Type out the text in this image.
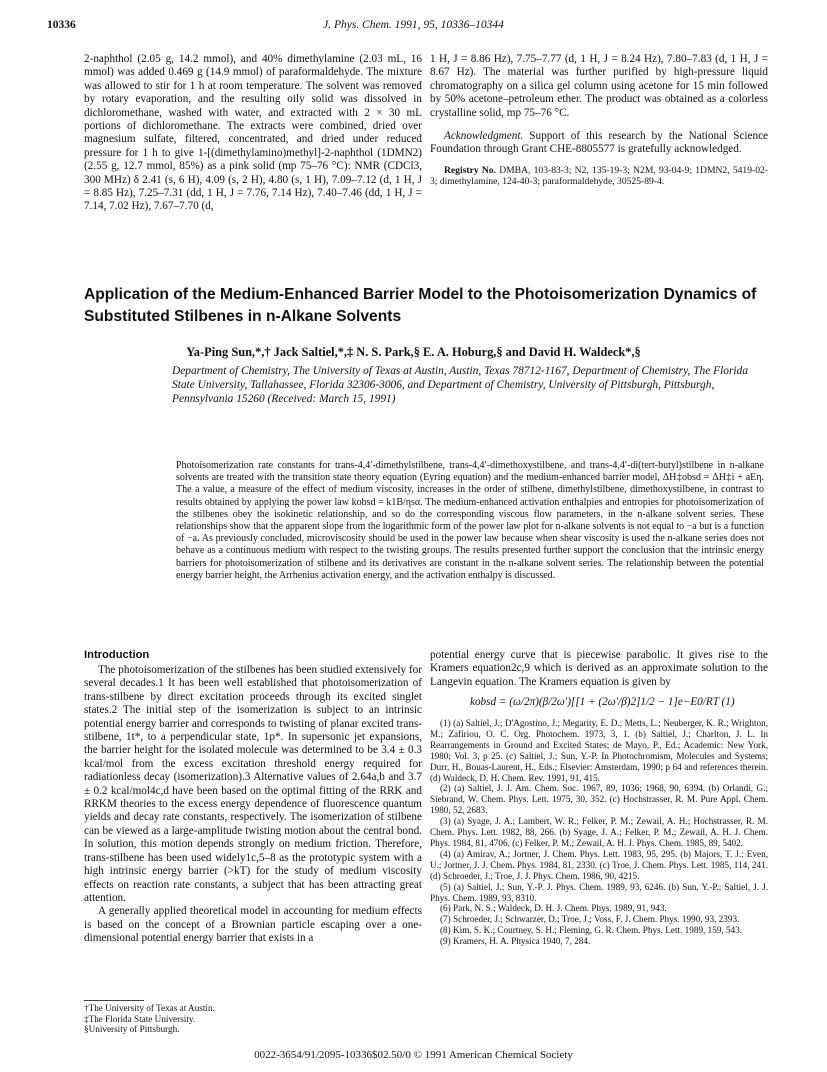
10336	J. Phys. Chem. 1991, 95, 10336–10344

2-naphthol (2.05 g, 14.2 mmol), and 40% dimethylamine (2.03 mL, 16 mmol) was added 0.469 g (14.9 mmol) of paraformaldehyde. The mixture was allowed to stir for 1 h at room temperature. The solvent was removed by rotary evaporation, and the resulting oily solid was dissolved in dichloromethane, washed with water, and extracted with 2 × 30 mL portions of dichloromethane. The extracts were combined, dried over magnesium sulfate, filtered, concentrated, and dried under reduced pressure for 1 h to give 1-[(dimethylamino)methyl]-2-naphthol (1DMN2) (2.55 g, 12.7 mmol, 85%) as a pink solid (mp 75–76 °C): NMR (CDCl3, 300 MHz) δ 2.41 (s, 6 H), 4.09 (s, 2 H), 4.80 (s, 1 H), 7.09–7.12 (d, 1 H, J = 8.85 Hz), 7.25–7.31 (dd, 1 H, J = 7.76, 7.14 Hz), 7.40–7.46 (dd, 1 H, J = 7.14, 7.02 Hz), 7.67–7.70 (d,

1 H, J = 8.86 Hz), 7.75–7.77 (d, 1 H, J = 8.24 Hz), 7.80–7.83 (d, 1 H, J = 8.67 Hz). The material was further purified by high-pressure liquid chromatography on a silica gel column using acetone for 15 min followed by 50% acetone–petroleum ether. The product was obtained as a colorless crystalline solid, mp 75–76 °C.

Acknowledgment. Support of this research by the National Science Foundation through Grant CHE-8805577 is gratefully acknowledged.

Registry No. DMBA, 103-83-3; N2, 135-19-3; N2M, 93-04-9; 1DMN2, 5419-02-3; dimethylamine, 124-40-3; paraformaldehyde, 30525-89-4.

Application of the Medium-Enhanced Barrier Model to the Photoisomerization Dynamics of Substituted Stilbenes in n-Alkane Solvents
Ya-Ping Sun,*,† Jack Saltiel,*,‡ N. S. Park,§ E. A. Hoburg,§ and David H. Waldeck*,§
Department of Chemistry, The University of Texas at Austin, Austin, Texas 78712-1167, Department of Chemistry, The Florida State University, Tallahassee, Florida 32306-3006, and Department of Chemistry, University of Pittsburgh, Pittsburgh, Pennsylvania 15260 (Received: March 15, 1991)
Photoisomerization rate constants for trans-4,4′-dimethylstilbene, trans-4,4′-dimethoxystilbene, and trans-4,4′-di(tert-butyl)stilbene in n-alkane solvents are treated with the transition state theory equation (Eyring equation) and the medium-enhanced barrier model, ΔH‡obsd = ΔH‡i + aEη. The a value, a measure of the effect of medium viscosity, increases in the order of stilbene, dimethylstilbene, dimethoxystilbene, in contrast to results obtained by applying the power law kobsd = k1B/ηsα. The medium-enhanced activation enthalpies and entropies for photoisomerization of the stilbenes obey the isokinetic relationship, and so do the corresponding viscous flow parameters, in the n-alkane solvent series. These relationships show that the apparent slope from the logarithmic form of the power law plot for n-alkane solvents is not equal to −a but is a function of −a. As previously concluded, microviscosity should be used in the power law because when shear viscosity is used the n-alkane series does not behave as a continuous medium with respect to the twisting groups. The results presented further support the conclusion that the intrinsic energy barriers for photoisomerization of stilbene and its derivatives are constant in the n-alkane solvent series. The relationship between the potential energy barrier height, the Arrhenius activation energy, and the activation enthalpy is discussed.
Introduction

The photoisomerization of the stilbenes has been studied extensively for several decades.1 It has been well established that photoisomerization of trans-stilbene by direct excitation proceeds through its excited singlet states.2 The initial step of the isomerization is subject to an intrinsic potential energy barrier and corresponds to twisting of planar excited trans-stilbene, 1t*, to a perpendicular state, 1p*. In supersonic jet expansions, the barrier height for the isolated molecule was determined to be 3.4 ± 0.3 kcal/mol from the excess excitation threshold energy required for radiationless decay (isomerization).3 Alternative values of 2.64a,b and 3.7 ± 0.2 kcal/mol4c,d have been based on the optimal fitting of the RRK and RRKM theories to the excess energy dependence of fluorescence quantum yields and decay rate constants, respectively. The isomerization of stilbene can be viewed as a large-amplitude twisting motion about the central bond. In solution, this motion depends strongly on medium friction. Therefore, trans-stilbene has been used widely1c,5–8 as the prototypic system with a high intrinsic energy barrier (>kT) for the study of medium viscosity effects on reaction rate constants, a subject that has been attracting great attention.

A generally applied theoretical model in accounting for medium effects is based on the concept of a Brownian particle escaping over a one-dimensional potential energy barrier that exists in a

potential energy curve that is piecewise parabolic. It gives rise to the Kramers equation2c,9 which is derived as an approximate solution to the Langevin equation. The Kramers equation is given by

kobsd = (ω/2π)(β/2ω′)[[1 + (2ω′/β)2]1/2 − 1]e−E0/RT (1)

(1) (a) Saltiel, J.; D'Agostino, J.; Megarity, E. D.; Metts, L.; Neuberger, K. R.; Wrighton, M.; Zafiriou, O. C. Org. Photochem. 1973, 3, 1. (b) Saltiel, J.; Charlton, J. L. In Rearrangements in Ground and Excited States; de Mayo, P., Ed.; Academic: New York, 1980; Vol. 3, p 25. (c) Saltiel, J.; Sun, Y.-P. In Photochromism, Molecules and Systems; Durr, H., Bouas-Laurent, H., Eds.; Elsevier: Amsterdam, 1990; p 64 and references therein. (d) Waldeck, D. H. Chem. Rev. 1991, 91, 415.

(2) (a) Saltiel, J. J. Am. Chem. Soc. 1967, 89, 1036; 1968, 90, 6394. (b) Orlandi, G.; Siebrand, W. Chem. Phys. Lett. 1975, 30, 352. (c) Hochstrasser, R. M. Pure Appl. Chem. 1980, 52, 2683.

(3) (a) Syage, J. A.; Lambert, W. R.; Felker, P. M.; Zewail, A. H.; Hochstrasser, R. M. Chem. Phys. Lett. 1982, 88, 266. (b) Syage, J. A.; Felker, P. M.; Zewail, A. H. J. Chem. Phys. 1984, 81, 4706. (c) Felker, P. M.; Zewail, A. H. J. Phys. Chem. 1985, 89, 5402.

(4) (a) Amirav, A.; Jortner, J. Chem. Phys. Lett. 1983, 95, 295. (b) Majors, T. J.; Even, U.; Jortner, J. J. Chem. Phys. 1984, 81, 2330. (c) Troe, J. Chem. Phys. Lett. 1985, 114, 241. (d) Schroeder, J.; Troe, J. J. Phys. Chem. 1986, 90, 4215.

(5) (a) Saltiel, J.; Sun, Y.-P. J. Phys. Chem. 1989, 93, 6246. (b) Sun, Y.-P.; Saltiel, J. J. Phys. Chem. 1989, 93, 8310.

(6) Park, N. S.; Waldeck, D. H. J. Chem. Phys. 1989, 91, 943.

(7) Schroeder, J.; Schwarzer, D.; Troe, J.; Voss, F. J. Chem. Phys. 1990, 93, 2393.

(8) Kim, S. K.; Courtney, S. H.; Fleming, G. R. Chem. Phys. Lett. 1989, 159, 543.

(9) Kramers, H. A. Physica 1940, 7, 284.

†The University of Texas at Austin.
‡The Florida State University.
§University of Pittsburgh.
0022-3654/91/2095-10336$02.50/0 © 1991 American Chemical Society
